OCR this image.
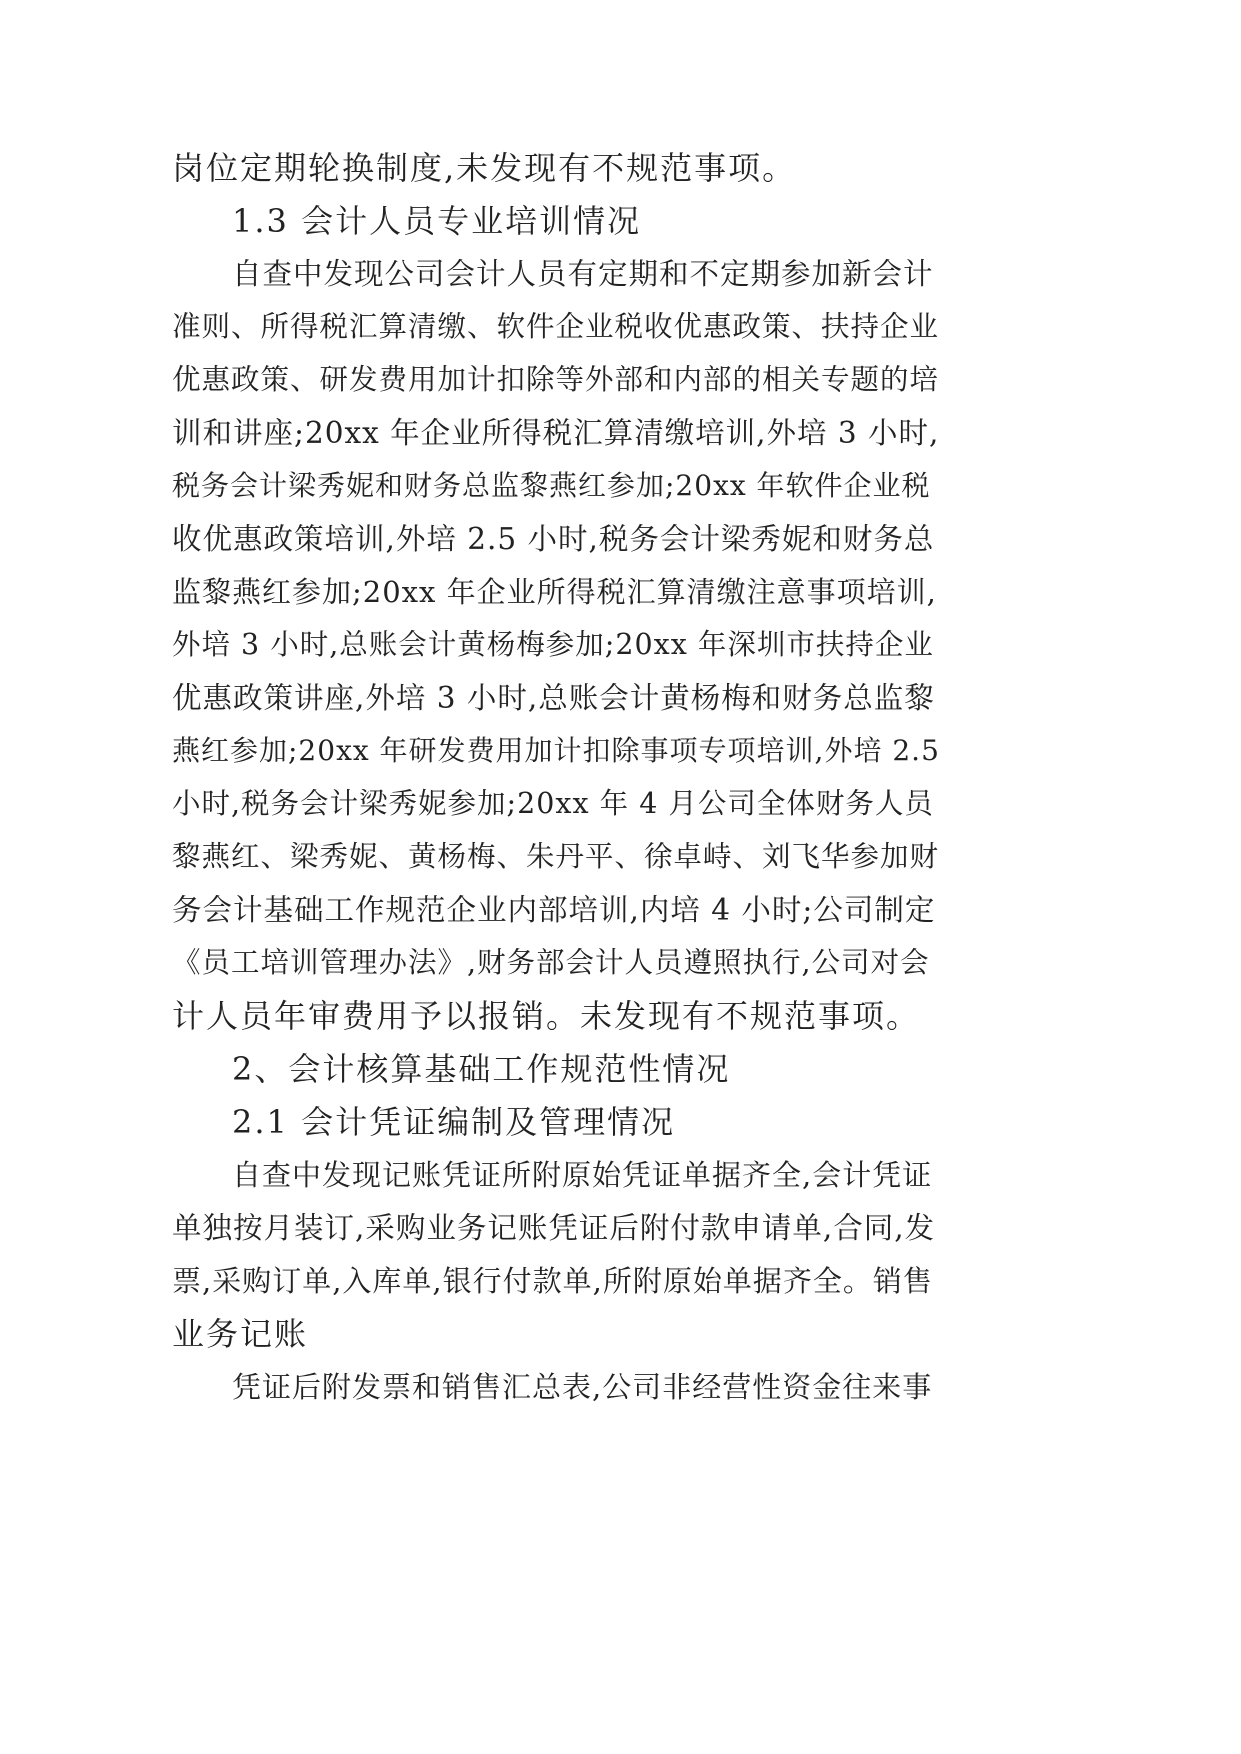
岗位定期轮换制度,未发现有不规范事项。

1.3 会计人员专业培训情况

自查中发现公司会计人员有定期和不定期参加新会计

准则、所得税汇算清缴、软件企业税收优惠政策、扶持企业

优惠政策、研发费用加计扣除等外部和内部的相关专题的培

训和讲座;20xx 年企业所得税汇算清缴培训,外培 3 小时,

税务会计梁秀妮和财务总监黎燕红参加;20xx 年软件企业税

收优惠政策培训,外培 2.5 小时,税务会计梁秀妮和财务总

监黎燕红参加;20xx 年企业所得税汇算清缴注意事项培训,

外培 3 小时,总账会计黄杨梅参加;20xx 年深圳市扶持企业

优惠政策讲座,外培 3 小时,总账会计黄杨梅和财务总监黎

燕红参加;20xx 年研发费用加计扣除事项专项培训,外培 2.5

小时,税务会计梁秀妮参加;20xx 年 4 月公司全体财务人员

黎燕红、梁秀妮、黄杨梅、朱丹平、徐卓峙、刘飞华参加财

务会计基础工作规范企业内部培训,内培 4 小时;公司制定

《员工培训管理办法》,财务部会计人员遵照执行,公司对会

计人员年审费用予以报销。未发现有不规范事项。

2、会计核算基础工作规范性情况

2.1 会计凭证编制及管理情况

自查中发现记账凭证所附原始凭证单据齐全,会计凭证

单独按月装订,采购业务记账凭证后附付款申请单,合同,发

票,采购订单,入库单,银行付款单,所附原始单据齐全。销售

业务记账

凭证后附发票和销售汇总表,公司非经营性资金往来事
